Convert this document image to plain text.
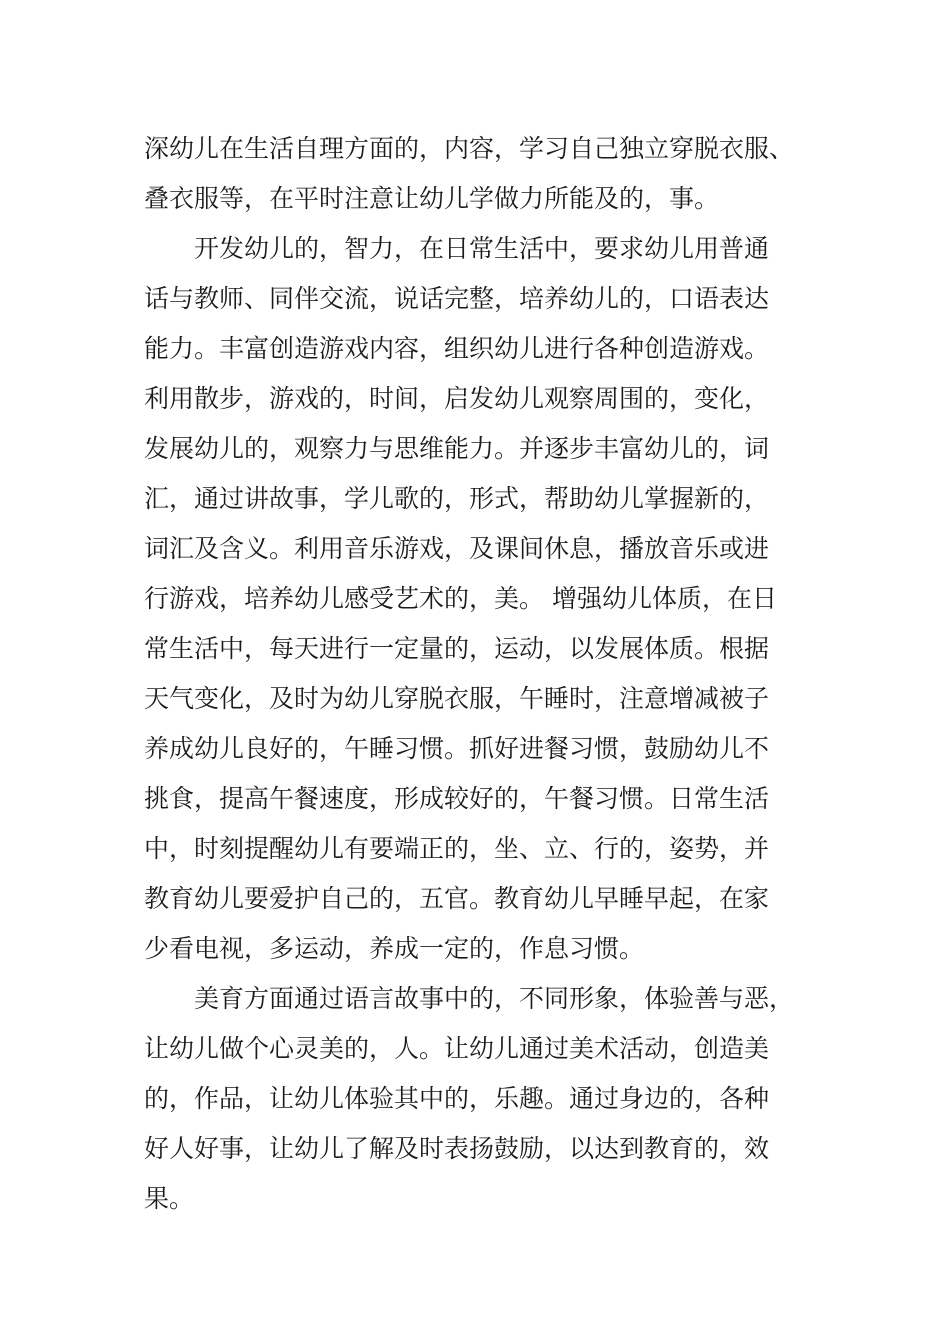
深幼儿在生活自理方面的，内容，学习自己独立穿脱衣服、
叠衣服等，在平时注意让幼儿学做力所能及的，事。
开发幼儿的，智力，在日常生活中，要求幼儿用普通
话与教师、同伴交流，说话完整，培养幼儿的，口语表达
能力。丰富创造游戏内容，组织幼儿进行各种创造游戏。
利用散步，游戏的，时间，启发幼儿观察周围的，变化，
发展幼儿的，观察力与思维能力。并逐步丰富幼儿的，词
汇，通过讲故事，学儿歌的，形式，帮助幼儿掌握新的，
词汇及含义。利用音乐游戏，及课间休息，播放音乐或进
行游戏，培养幼儿感受艺术的，美。 增强幼儿体质，在日
常生活中，每天进行一定量的，运动，以发展体质。根据
天气变化，及时为幼儿穿脱衣服，午睡时，注意增减被子
养成幼儿良好的，午睡习惯。抓好进餐习惯，鼓励幼儿不
挑食，提高午餐速度，形成较好的，午餐习惯。日常生活
中，时刻提醒幼儿有要端正的，坐、立、行的，姿势，并
教育幼儿要爱护自己的，五官。教育幼儿早睡早起，在家
少看电视，多运动，养成一定的，作息习惯。
美育方面通过语言故事中的，不同形象，体验善与恶，
让幼儿做个心灵美的，人。让幼儿通过美术活动，创造美
的，作品，让幼儿体验其中的，乐趣。通过身边的，各种
好人好事，让幼儿了解及时表扬鼓励，以达到教育的，效
果。
